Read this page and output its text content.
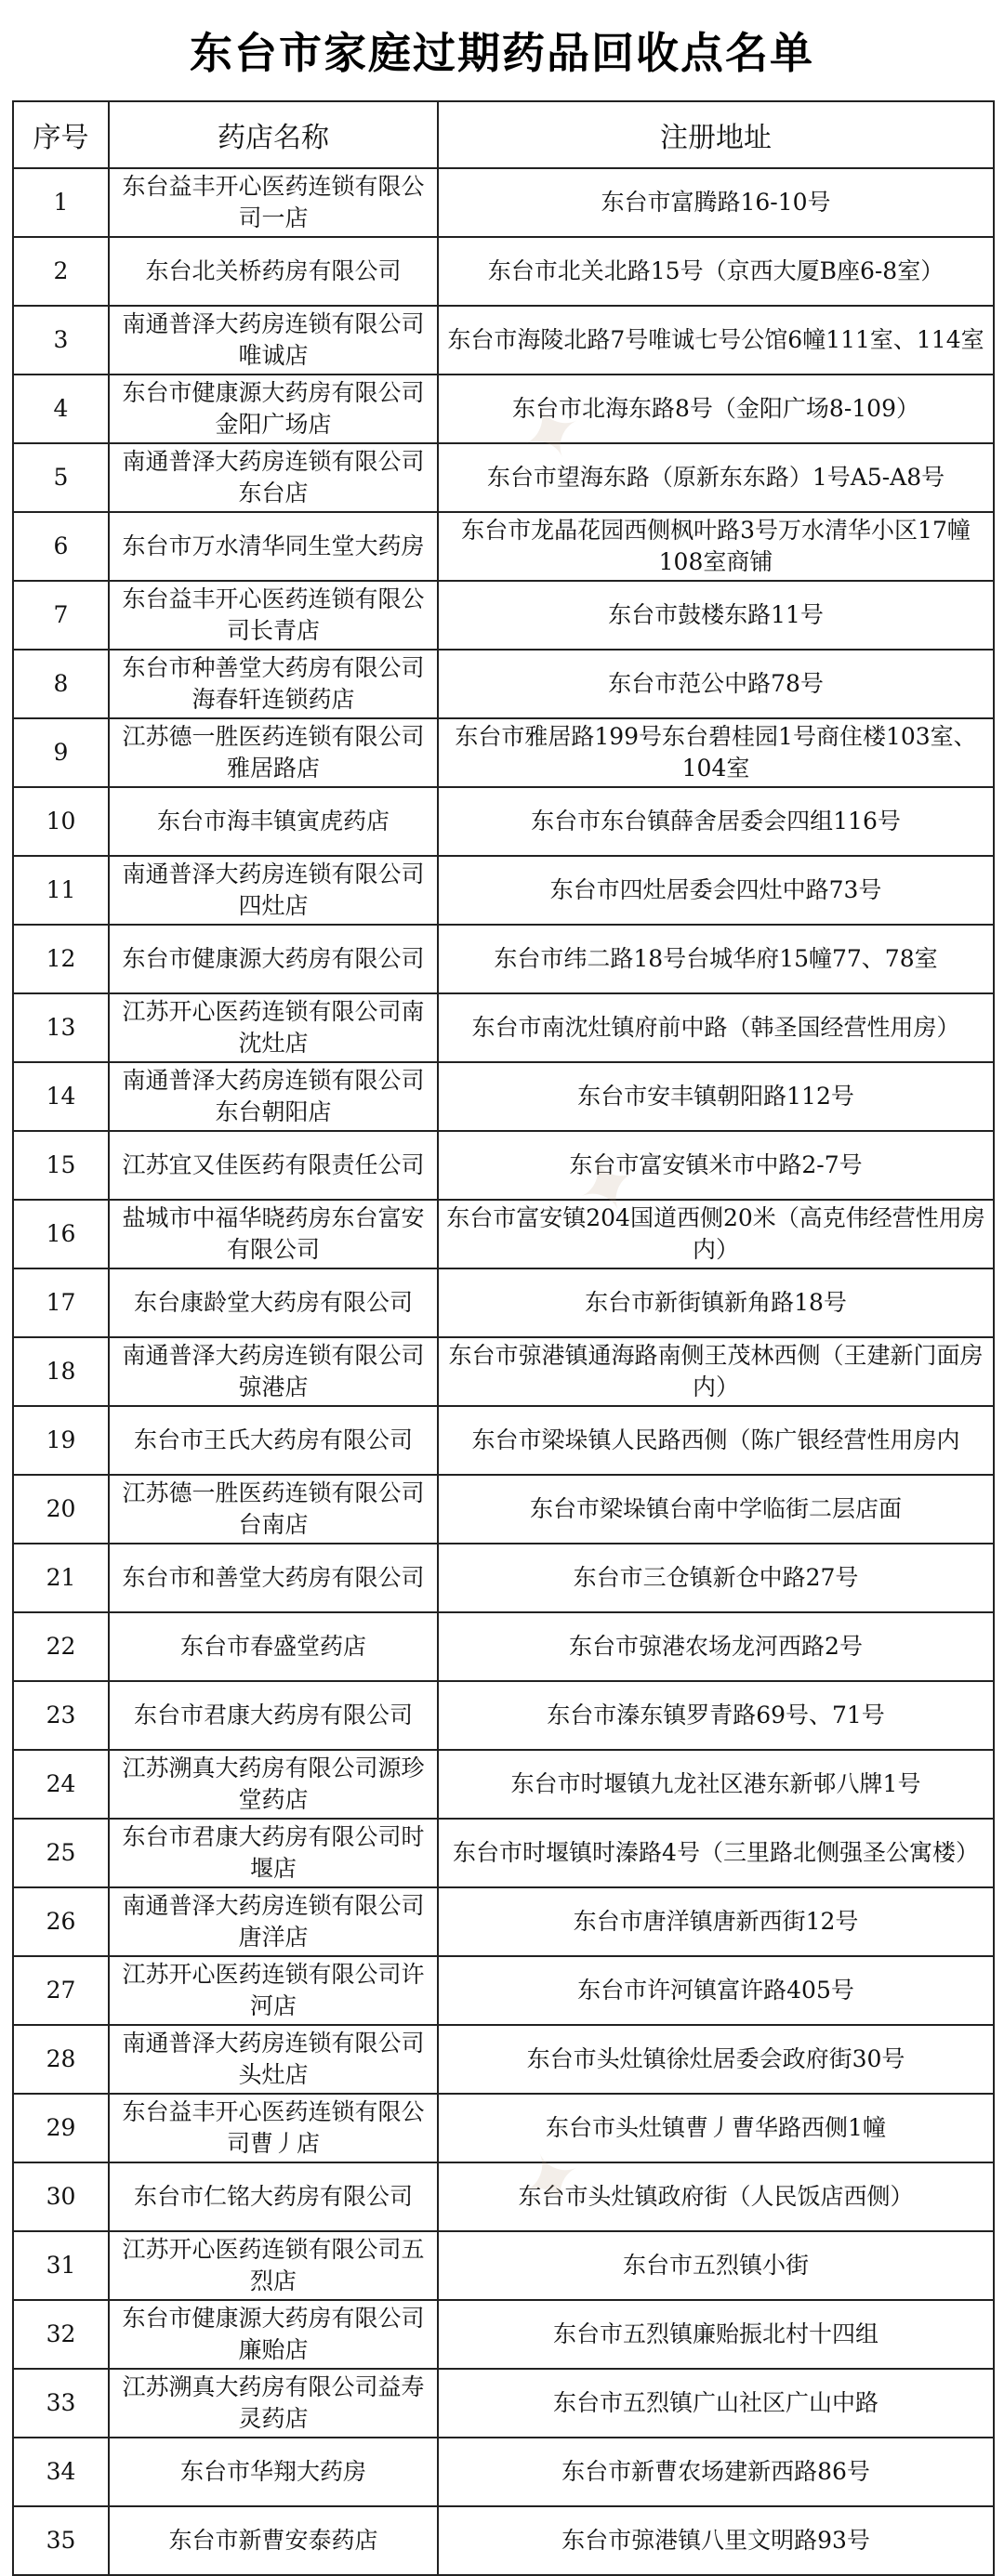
东台市家庭过期药品回收点名单
序号	药店名称	注册地址
1	东台益丰开心医药连锁有限公司一店	东台市富腾路16-10号
2	东台北关桥药房有限公司	东台市北关北路15号（京西大厦B座6-8室）
3	南通普泽大药房连锁有限公司唯诚店	东台市海陵北路7号唯诚七号公馆6幢111室、114室
4	东台市健康源大药房有限公司金阳广场店	东台市北海东路8号（金阳广场8-109）
5	南通普泽大药房连锁有限公司东台店	东台市望海东路（原新东东路）1号A5-A8号
6	东台市万水清华同生堂大药房	东台市龙晶花园西侧枫叶路3号万水清华小区17幢108室商铺
7	东台益丰开心医药连锁有限公司长青店	东台市鼓楼东路11号
8	东台市种善堂大药房有限公司海春轩连锁药店	东台市范公中路78号
9	江苏德一胜医药连锁有限公司雅居路店	东台市雅居路199号东台碧桂园1号商住楼103室、104室
10	东台市海丰镇寅虎药店	东台市东台镇薛舍居委会四组116号
11	南通普泽大药房连锁有限公司四灶店	东台市四灶居委会四灶中路73号
12	东台市健康源大药房有限公司	东台市纬二路18号台城华府15幢77、78室
13	江苏开心医药连锁有限公司南沈灶店	东台市南沈灶镇府前中路（韩圣国经营性用房）
14	南通普泽大药房连锁有限公司东台朝阳店	东台市安丰镇朝阳路112号
15	江苏宜又佳医药有限责任公司	东台市富安镇米市中路2-7号
16	盐城市中福华晓药房东台富安有限公司	东台市富安镇204国道西侧20米（高克伟经营性用房内）
17	东台康龄堂大药房有限公司	东台市新街镇新角路18号
18	南通普泽大药房连锁有限公司弶港店	东台市弶港镇通海路南侧王茂林西侧（王建新门面房内）
19	东台市王氏大药房有限公司	东台市梁垛镇人民路西侧（陈广银经营性用房内
20	江苏德一胜医药连锁有限公司台南店	东台市梁垛镇台南中学临街二层店面
21	东台市和善堂大药房有限公司	东台市三仓镇新仓中路27号
22	东台市春盛堂药店	东台市弶港农场龙河西路2号
23	东台市君康大药房有限公司	东台市溱东镇罗青路69号、71号
24	江苏溯真大药房有限公司源珍堂药店	东台市时堰镇九龙社区港东新邨八牌1号
25	东台市君康大药房有限公司时堰店	东台市时堰镇时溱路4号（三里路北侧强圣公寓楼）
26	南通普泽大药房连锁有限公司唐洋店	东台市唐洋镇唐新西街12号
27	江苏开心医药连锁有限公司许河店	东台市许河镇富许路405号
28	南通普泽大药房连锁有限公司头灶店	东台市头灶镇徐灶居委会政府街30号
29	东台益丰开心医药连锁有限公司曹丿店	东台市头灶镇曹丿曹华路西侧1幢
30	东台市仁铭大药房有限公司	东台市头灶镇政府街（人民饭店西侧）
31	江苏开心医药连锁有限公司五烈店	东台市五烈镇小街
32	东台市健康源大药房有限公司廉贻店	东台市五烈镇廉贻振北村十四组
33	江苏溯真大药房有限公司益寿灵药店	东台市五烈镇广山社区广山中路
34	东台市华翔大药房	东台市新曹农场建新西路86号
35	东台市新曹安泰药店	东台市弶港镇八里文明路93号
✦
✦
✦
